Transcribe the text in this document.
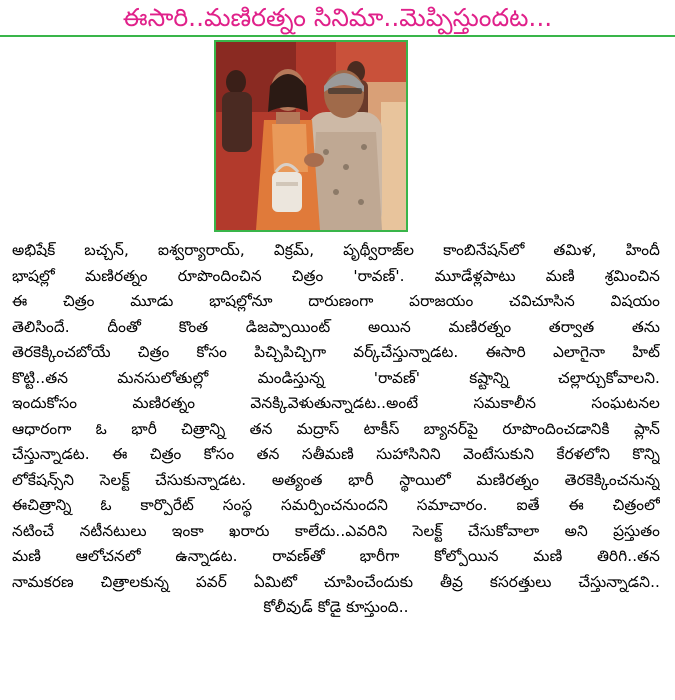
ఈసారి..మణిరత్నం సినిమా..మెప్పిస్తుందట...
అభిషేక్ బచ్చన్, ఐశ్వర్యారాయ్, విక్రమ్, పృథ్వీరాజ్‌ల కాంబినేషన్‌లో తమిళ, హిందీ
భాషల్లో మణిరత్నం రూపొందించిన చిత్రం 'రావణ్'. మూడేళ్లపాటు మణి శ్రమించిన
ఈ చిత్రం మూడు భాషల్లోనూ దారుణంగా పరాజయం చవిచూసిన విషయం
తెలిసిందే. దీంతో కొంత డిజప్పాయింట్ అయిన మణిరత్నం తర్వాత తను
తెరకెక్కించబోయే చిత్రం కోసం పిచ్చిపిచ్చిగా వర్క్‌చేస్తున్నాడట. ఈసారి ఎలాగైనా హిట్
కొట్టి..తన మనసులోతుల్లో మండిస్తున్న 'రావణ్' కష్టాన్ని చల్లార్చుకోవాలని.
ఇందుకోసం మణిరత్నం వెనక్కివెళుతున్నాడట..అంటే సమకాలీన సంఘటనల
ఆధారంగా ఓ భారీ చిత్రాన్ని తన మద్రాస్ టాకీస్ బ్యానర్‌పై రూపొందించడానికి ప్లాన్
చేస్తున్నాడట. ఈ చిత్రం కోసం తన సతీమణి సుహాసినిని వెంటేసుకుని కేరళలోని కొన్ని
లోకేషన్స్‌ని సెలక్ట్ చేసుకున్నాడట. అత్యంత భారీ స్థాయిలో మణిరత్నం తెరకెక్కించనున్న
ఈచిత్రాన్ని ఓ కార్పొరేట్ సంస్థ సమర్పించనుందని సమాచారం. ఐతే ఈ చిత్రంలో
నటించే నటీనటులు ఇంకా ఖరారు కాలేదు..ఎవరిని సెలక్ట్ చేసుకోవాలా అని ప్రస్తుతం
మణి ఆలోచనలో ఉన్నాడట. రావణ్‌తో భారీగా కోల్పోయిన మణి తిరిగి..తన
నామకరణ చిత్రాలకున్న పవర్ ఏమిటో చూపించేందుకు తీవ్ర కసరత్తులు చేస్తున్నాడని..
కోలీవుడ్ కోడై కూస్తుంది..
